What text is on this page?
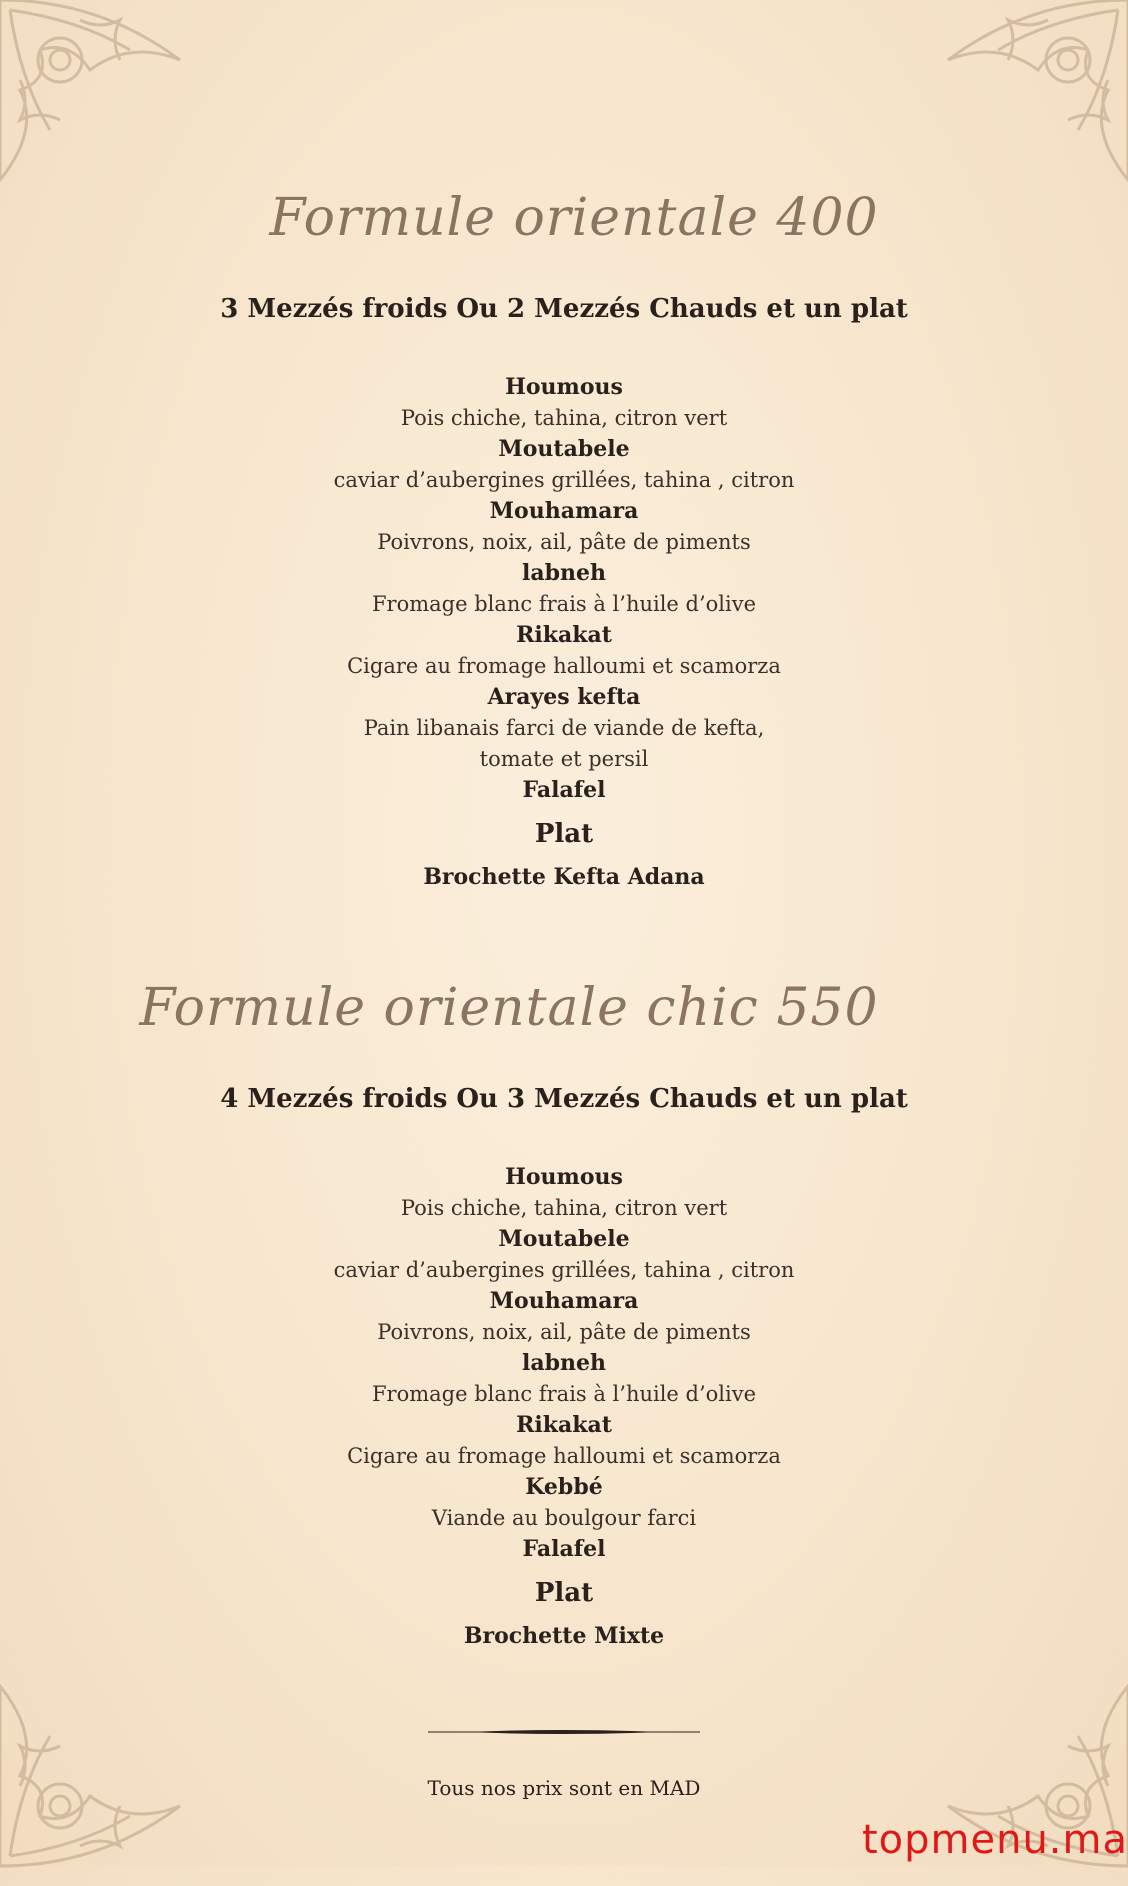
Formule orientale 400
3 Mezzés froids Ou 2 Mezzés Chauds et un plat
Houmous
Pois chiche, tahina, citron vert
Moutabele
caviar d’aubergines grillées, tahina , citron
Mouhamara
Poivrons, noix, ail, pâte de piments
labneh
Fromage blanc frais à l’huile d’olive
Rikakat
Cigare au fromage halloumi et scamorza
Arayes kefta
Pain libanais farci de viande de kefta,
tomate et persil
Falafel
Plat
Brochette Kefta Adana
Formule orientale chic 550
4 Mezzés froids Ou 3 Mezzés Chauds et un plat
Houmous
Pois chiche, tahina, citron vert
Moutabele
caviar d’aubergines grillées, tahina , citron
Mouhamara
Poivrons, noix, ail, pâte de piments
labneh
Fromage blanc frais à l’huile d’olive
Rikakat
Cigare au fromage halloumi et scamorza
Kebbé
Viande au boulgour farci
Falafel
Plat
Brochette Mixte
Tous nos prix sont en MAD
topmenu.ma
